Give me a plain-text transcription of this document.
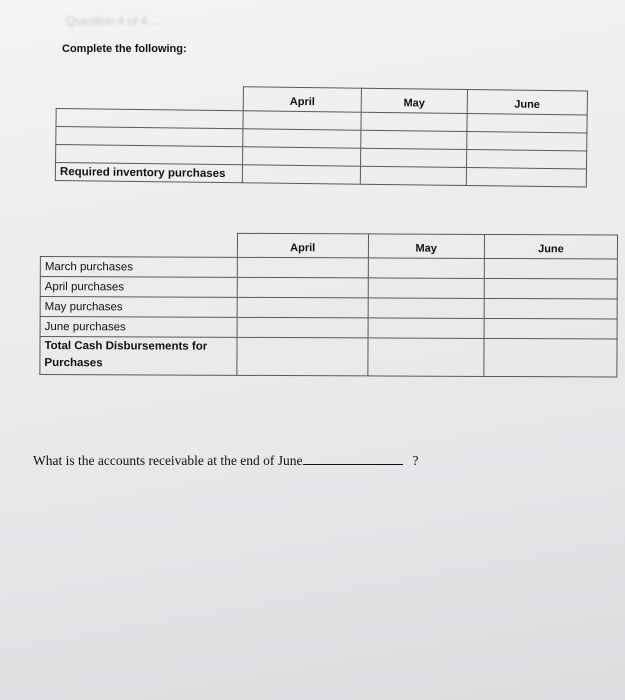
Question 4 of 4 ...
Complete the following:
	April	May	June

Required inventory purchases			
	April	May	June
March purchases			
April purchases			
May purchases			
June purchases			
Total Cash Disbursements for Purchases			
What is the accounts receivable at the end of June	?
